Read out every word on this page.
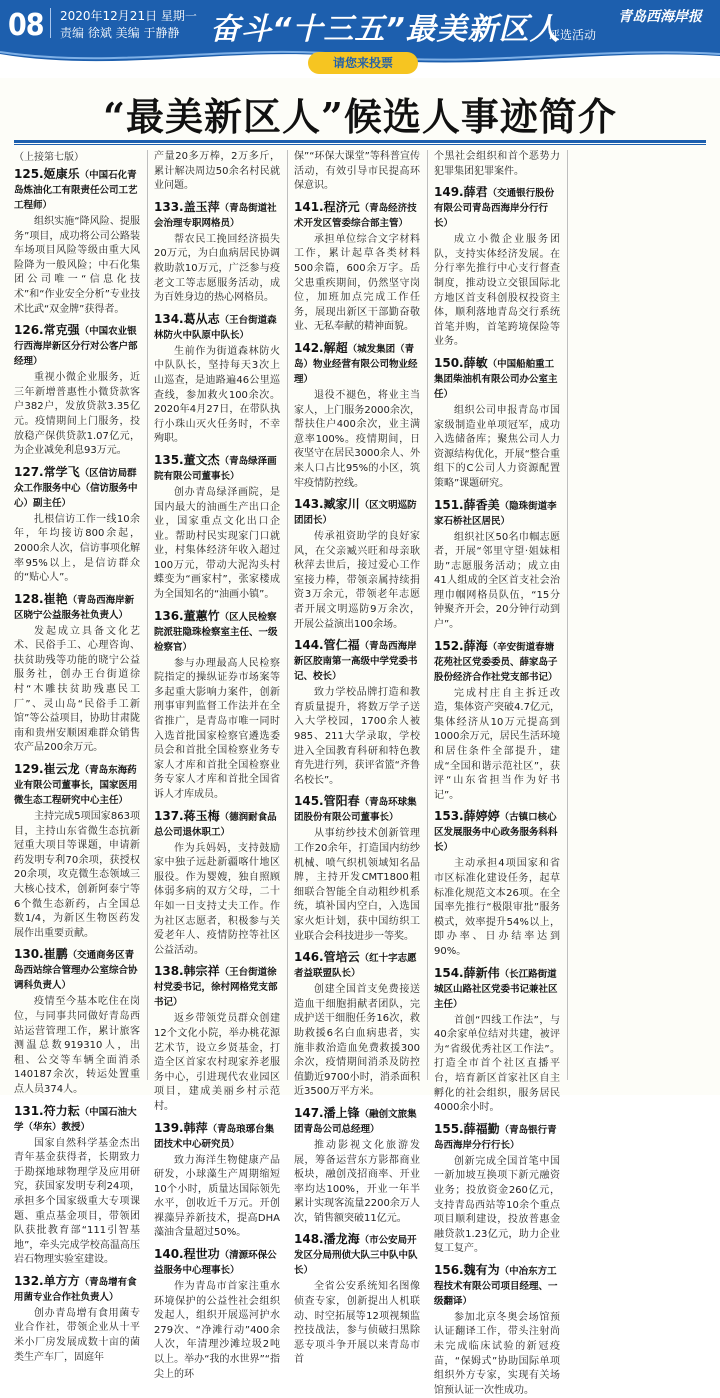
08 2020年12月21日 星期一
责编 徐斌 美编 于静静 奋斗“十三五”最美新区人
评选活动
青岛西海岸报
请您来投票
“最美新区人”候选人事迹简介

（上接第七版）

125.姬康乐（中国石化青岛炼油化工有限责任公司工艺工程师）

组织实施“降风险、提服务”项目，成功将公司公路装车场项目风险等级由重大风险降为一般风险；中石化集团公司唯一“信息化技术”和“作业安全分析”专业技术比武“双金牌”获得者。

126.常克强（中国农业银行西海岸新区分行对公客户部经理）

重视小微企业服务，近三年新增普惠性小微贷款客户382户，发放贷款3.35亿元。疫情期间上门服务，投放稳产保供贷款1.07亿元，为企业减免利息93万元。

127.常学飞（区信访局群众工作服务中心（信访服务中心）副主任）

扎根信访工作一线10余年，年均接访800余起，2000余人次，信访事项化解率95%以上，是信访群众的“贴心人”。

128.崔艳（青岛西海岸新区晓宁公益服务社负责人）

发起成立具备文化艺术、民俗手工、心理咨询、扶贫助残等功能的晓宁公益服务社，创办王台街道徐村“木雕扶贫助残惠民工厂”、灵山岛“民俗手工新馆”等公益项目，协助甘肃陇南和贵州安顺困难群众销售农产品200余万元。

129.崔云龙（青岛东海药业有限公司董事长，国家医用微生态工程研究中心主任）

主持完成5项国家863项目，主持山东省微生态抗新冠重大项目等课题，申请新药发明专利70余项，获授权20余项，攻克微生态领域三大核心技术，创新阿泰宁等6个微生态新药，占全国总数1/4，为新区生物医药发展作出重要贡献。

130.崔鹏（交通商务区青岛西站综合管理办公室综合协调科负责人）

疫情至今基本吃住在岗位，与同事共同做好青岛西站运营管理工作，累计旅客测温总数919310人，出租、公交等车辆全面消杀140187余次，转运处置重点人员374人。

131.符力耘（中国石油大学（华东）教授）

国家自然科学基金杰出青年基金获得者，长期致力于勘探地球物理学及应用研究，获国家发明专利24项，承担多个国家级重大专项课题、重点基金项目，带领团队获批教育部“111引智基地”，牵头完成学校高温高压岩石物理实验室建设。

132.单方方（青岛增有食用菌专业合作社负责人）

创办青岛增有食用菌专业合作社，带领企业从十平米小厂房发展成数十亩的菌类生产车厂，固庭年

产量20多万棒，2万多斤，累计解决周边50余名村民就业问题。

133.盖玉萍（青岛街道社会治理专职网格员）

帮农民工挽回经济损失20万元，为白血病居民协调救助款10万元，广泛参与疫老文工等志愿服务活动，成为百姓身边的热心网格员。

134.葛从志（王台街道森林防火中队原中队长）

生前作为街道森林防火中队队长，坚持每天3次上山巡查，是迪路遍46公里巡查线，参加救火100余次。2020年4月27日，在带队执行小珠山灭火任务时，不幸殉职。

135.董文杰（青岛绿泽画院有限公司董事长）

创办青岛绿泽画院，是国内最大的油画生产出口企业，国家重点文化出口企业。帮助村民实现家门口就业，村集体经济年收入超过100万元，带动大泥沟头村蝶变为“画家村”，张家楼成为全国知名的“油画小镇”。

136.董蕙竹（区人民检察院派驻隐珠检察室主任、一级检察官）

参与办理最高人民检察院指定的操纵证券市场案等多起重大影响力案件，创新刑事审判监督工作法并在全省推广，是青岛市唯一同时入选首批国家检察官遴选委员会和首批全国检察业务专家人才库和首批全国检察业务专家人才库和首批全国省诉人才库成员。

137.蒋玉梅（德润耐食品总公司退休职工）

作为兵妈妈，支持鼓励家中独子远赴新疆喀什地区服役。作为婴嫂，独自照顾体弱多病的双方父母，二十年如一日支持丈夫工作。作为社区志愿者，积极参与关爱老年人、疫情防控等社区公益活动。

138.韩宗祥（王台街道徐村党委书记，徐村网格党支部书记）

返乡带领党员群众创建12个文化小院，举办桃花源艺术节，设立乡贤基金，打造全区首家农村现家养老服务中心，引进现代农业园区项目，建成美丽乡村示范村。

139.韩萍（青岛琅琊台集团技术中心研究员）

致力海洋生物健康产品研发，小球藻生产周期缩短10个小时，质量达国际领先水平，创收近千万元。开创裸藻异养新技术，提高DHA藻油含量超过50%。

140.程世功（清源环保公益服务中心理事长）

作为青岛市首家注重水环境保护的公益性社会组织发起人，组织开展巡河护水279次、“净滩行动”400余人次，年清理沙滩垃圾2吨以上。举办“我的水世界”“指尖上的环

保”“环保大课堂”等科普宣传活动，有效引导市民提高环保意识。

141.程济元（青岛经济技术开发区管委综合部主管）

承担单位综合文字材料工作，累计起草各类材料500余篇，600余万字。岳父患重疾期间，仍然坚守岗位，加班加点完成工作任务，展现出新区干部勤奋敬业、无私奉献的精神面貌。

142.解超（城发集团（青岛）物业经营有限公司物业经理）

退役不褪色，将业主当家人，上门服务2000余次，帮扶住户400余次，业主满意率100%。疫情期间，日夜坚守在居民3000余人、外来人口占比95%的小区，筑牢疫情防控线。

143.臧家川（区文明巡防团团长）

传承祖资助学的良好家风，在父亲臧兴旺和母亲耿秋萍去世后，接过爱心工作室接力棒，带领亲属持续捐资3万余元，带领老年志愿者开展文明巡防9万余次，开展公益演出100余场。

144.管仁福（青岛西海岸新区胶南第一高级中学党委书记、校长）

致力学校品牌打造和教育质量提升，将数万学子送入大学校园，1700余人被985、211大学录取，学校进入全国教育科研和特色教育先进行列，获评省篮“齐鲁名校长”。

145.管阳春（青岛环球集团股份有限公司董事长）

从事纺纱技术创新管理工作20余年，打造国内纺纱机械、喷气织机领域知名品牌，主持开发CMT1800粗细联合智能全自动粗纱机系统，填补国内空白，入选国家火炬计划，获中国纺织工业联合会科技进步一等奖。

146.管培云（红十字志愿者益联盟队长）

创建全国首支免费接送造血干细胞捐献者团队，完成护送干细胞任务16次，救助救援6名白血病患者，实施非救治造血免费救援300余次，疫情期间消杀及防控值勤近9700小时，消杀面积近3500万平方米。

147.潘上锋（融创文旅集团青岛公司总经理）

推动影视文化旅游发展，筹备运营东方影都商业板块，融创茂招商率、开业率均达100%，开业一年半累计实现客流量2200余万人次，销售额突破11亿元。

148.潘龙海（市公安局开发区分局刑侦大队三中队中队长）

全省公安系统知名图像侦查专家，创新提出人机联动、时空拓展等12项视频监控技战法，参与侦破扫黑除恶专项斗争开展以来青岛市首

个黑社会组织和首个恶势力犯罪集团犯罪案件。

149.薛君（交通银行股份有限公司青岛西海岸分行行长）

成立小微企业服务团队，支持实体经济发展。在分行率先推行中心支行督查制度，推动设立交银国际北方地区首支科创股权投资主体，顺利落地青岛交行系统首笔并购，首笔跨境保险等业务。

150.薛敏（中国船舶重工集团柴油机有限公司办公室主任）

组织公司申报青岛市国家级制造业单项冠军，成功入选储备库；聚焦公司人力资源结构优化，开展“整合重组下的C公司人力资源配置策略”课题研究。

151.薛香美（隐珠街道李家石桥社区居民）

组织社区50名巾帼志愿者，开展“邻里守望·姐妹相助”志愿服务活动；成立由41人组成的全区首支社会治理巾帼网格员队伍，“15分钟聚齐开会，20分钟行动到户”。

152.薛海（辛安街道春塘花苑社区党委委员、薛家岛子股份经济合作社党支部书记）

完成村庄自主拆迁改造，集体资产突破4.7亿元，集体经济从10万元提高到1000余万元，居民生活环境和居住条件全部提升，建成“全国和谐示范社区”，获评“山东省担当作为好书记”。

153.薛婷婷（古镇口核心区发展服务中心政务服务科科长）

主动承担4项国家和省市区标准化建设任务，起草标准化规范文本26项。在全国率先推行“极限审批”服务模式，效率提升54%以上，即办率、日办结率达到90%。

154.薛新伟（长江路街道城区山路社区党委书记兼社区主任）

首创“四线工作法”，与40余家单位结对共建，被评为“省级优秀社区工作法”。打造全市首个社区直播平台，培育新区首家社区自主孵化的社会组织，服务居民4000余小时。

155.薛福勤（青岛银行青岛西海岸分行行长）

创新完成全国首笔中国一新加坡互换项下新元融资业务；投放资金260亿元，支持青岛西站等10余个重点项目顺利建设，投放普惠金融贷款1.23亿元，助力企业复工复产。

156.魏有为（中冶东方工程技术有限公司项目经理、一级翻译）

参加北京冬奥会场馆预认证翻译工作，带头注射尚未完成临床试验的新冠疫苗，“保姆式”协助国际单项组织外方专家，实现有关场馆预认证一次性成功。
